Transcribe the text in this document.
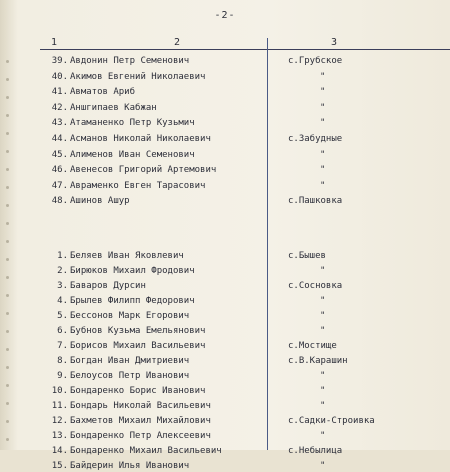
-2-
1	2	3
39. Авдонин Петр Семенович	с.Грубское
40. Акимов Евгений Николаевич	"
41. Авматов Ариб	"
42. Аншгипаев Кабжан	"
43. Атаманенко Петр Кузьмич	"
44. Асманов Николай Николаевич	с.Забудные
45. Алименов Иван Семенович	"
46. Авенесов Григорий Артемович	"
47. Авраменко Евген Тарасович	"
48. Ашинов Ашур	с.Пашковка
1. Беляев Иван Яковлевич	с.Бышев
2. Бирюков Михаил Фродович	"
3. Баваров Дурсин	с.Сосновка
4. Брылев Филипп Федорович	"
5. Бессонов Марк Егорович	"
6. Бубнов Кузьма Емельянович	"
7. Борисов Михаил Васильевич	с.Мостище
8. Богдан Иван Дмитриевич	с.В.Карашин
9. Белоусов Петр Иванович	"
10. Бондаренко Борис Иванович	"
11. Бондарь Николай Васильевич	"
12. Бахметов Михаил Михайлович	с.Садки-Строивка
13. Бондаренко Петр Алексеевич	"
14. Бондаренко Михаил Васильевич	с.Небылица
15. Байдерин Илья Иванович	"
